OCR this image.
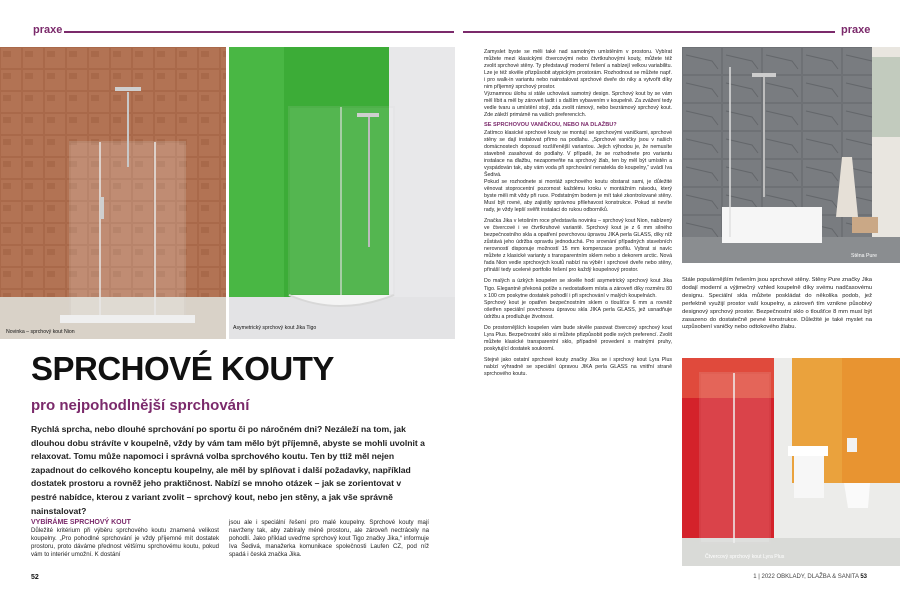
praxe	praxe
Novinka – sprchový kout Nion
Asymetrický sprchový kout Jika Tigo
SPRCHOVÉ KOUTY
pro nejpohodlnější sprchování
Rychlá sprcha, nebo dlouhé sprchování po sportu či po náročném dni? Nezáleží na tom, jak dlouhou dobu strávíte v koupelně, vždy by vám tam mělo být příjemně, abyste se mohli uvolnit a relaxovat. Tomu může napomoci i správná volba sprchového koutu. Ten by ttiž měl nejen zapadnout do celkového konceptu koupelny, ale měl by splňovat i další požadavky, například dostatek prostoru a rovněž jeho praktičnost. Nabízí se mnoho otázek – jak se zorientovat v pestré nabídce, kterou z variant zvolit – sprchový kout, nebo jen stěny, a jak vše správně nainstalovat?
VYBÍRÁME SPRCHOVÝ KOUT

Důležité kritérium při výběru sprchového koutu znamená velikost koupelny. „Pro pohodlné sprchování je vždy příjemné mít dostatek prostoru, proto dáváme přednost většímu sprchovému koutu, pokud vám to interiér umožní. K dostání

jsou ale i speciální řešení pro malé koupelny. Sprchové kouty mají navrženy tak, aby zabíraly méně prostoru, ale zároveň nectrácely na pohodlí. Jako příklad uveďme sprchový kout Tigo značky Jika,“ informuje Iva Šedivá, manažerka komunikace společnosti Laufen CZ, pod níž spadá i česká značka Jika.

Zamyslet byste se měli také nad samotným umístěním v prostoru. Vybírat můžete mezi klasickými čtvercovými nebo čtvrtkruhovými kouty, můžete též zvolit sprchové stěny. Ty představují moderní řešení a nabízejí velkou variabilitu. Lze je též skvěle přizpůsobit atypickým prostorám. Rozhodnout se můžete např. i pro walk-in variantu nebo nainstalovat sprchové dveře do niky a vytvořit díky nim příjemný sprchový prostor.

Významnou úlohu si stále uchovává samotný design. Sprchový kout by se vám měl líbit a měl by zároveň ladit i s dalším vybavením v koupelně. Za zvážení tedy vedle tvaru a umístění stojí, zda zvolit rámový, nebo bezrámový sprchový kout. Zde záleží primárně na vašich preferencích.

SE SPRCHOVOU VANIČKOU, NEBO NA DLAŽBU?

Zatímco klasické sprchové kouty se montují se sprchovými vaničkami, sprchové stěny se dají instalovat přímo na podlahu. „Sprchové vaničky jsou v našich domácnostech doposud rozšířenější variantou. Jejich výhodou je, že nemusíte stavebně zasahovat do podlahy. V případě, že se rozhodnete pro variantu instalace na dlažbu, nezapomeňte na sprchový žlab, ten by měl být umístěn a vyspádován tak, aby vám voda při sprchování nenatekla do koupelny,“ uvádí Iva Šedivá.

Pokud se rozhodnete si montáž sprchového koutu obstarat sami, je důležité věnovat stoprocentní pozornost každému kroku v montážním návodu, který byste měli mít vždy při ruce. Podstatným bodem je mít také zkontrolované stěny. Musí být rovné, aby zajistily správnou přilehavost konstrukce. Pokud si nevíte rady, je vždy lepší svěřit instalaci do rukou odborníků.

Značka Jika v letošním roce představila novinku – sprchový kout Nion, nabízený ve čtvercové i ve čtvrtkruhové variantě. Sprchový kout je z 6 mm silného bezpečnostního skla a opatření povrchovou úpravou JIKA perla GLASS, díky níž zůstává jeho údržba opravdu jednoduchá. Pro srovnání případných stavebních nerovností disponuje možností 15 mm kompenzace profilu. Vybrat si navíc můžete z klasické varianty s transparentním sklem nebo s dekorem arctic. Nová řada Nion vedle sprchových koutů nabízí na výběr i sprchové dveře nebo stěny, přináší tedy ucelené portfolio řešení pro každý koupelnový prostor.

Do malých a úzkých koupelen se skvěle hodí asymetrický sprchový kout Jika Tigo. Elegantně překoná potíže s nedostatkem místa a zároveň díky rozměru 80 x 100 cm poskytne dostatek pohodlí i při sprchování v malých koupelnách.

Sprchový kout je opatřen bezpečnostním sklem o tloušťce 6 mm a rovněž ošetřen speciální povrchovou úpravou skla JIKA perla GLASS, jež usnadňuje údržbu a prodlužuje životnost.

Do prostornějších koupelen vám bude skvěle pasovat čtvercový sprchový kout Lyra Plus. Bezpečnostní sklo si můžete přizpůsobit podle svých preferencí. Zvolit můžete klasické transparentní sklo, případně provedení s matnými pruhy, poskytující dostatek soukromí.

Stejně jako ostatní sprchové kouty značky Jika se i sprchový kout Lyra Plus nabízí výhradně se speciální úpravou JIKA perla GLASS na vnitřní straně sprchového koutu.

Stěna Pure

Stále populárnějším řešením jsou sprchové stěny. Stěny Pure značky Jika dodají moderní a výjimečný vzhled koupelně díky svému nadčasovému designu. Speciální skla můžete poskládat do několika podob, jež perfektně využijí prostor vaší koupelny, a zároveň tím vznikne působivý designový sprchový prostor. Bezpečnostní sklo o tloušťce 8 mm musí být zasazeno do dostatečně pevné konstrukce. Důležité je také myslet na uzpůsobení vaničky nebo odtokového žlabu.

Čtvercový sprchový kout Lyra Plus
52	1 | 2022 OBKLADY, DLAŽBA & SANITA 53
